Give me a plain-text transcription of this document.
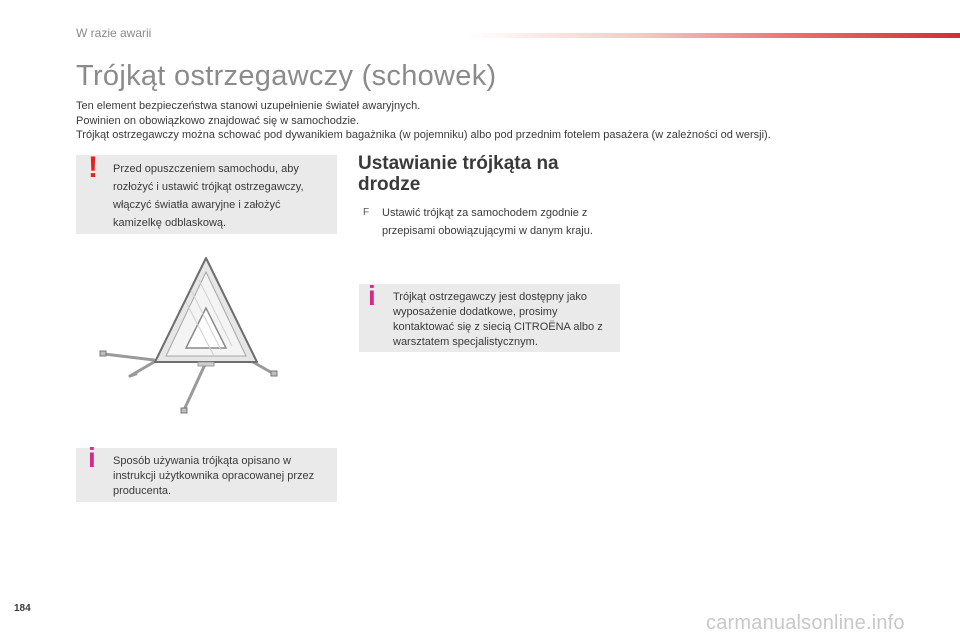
W razie awarii
Trójkąt ostrzegawczy (schowek)

Ten element bezpieczeństwa stanowi uzupełnienie świateł awaryjnych.

Powinien on obowiązkowo znajdować się w samochodzie.

Trójkąt ostrzegawczy można schować pod dywanikiem bagażnika (w pojemniku) albo pod przednim fotelem pasażera (w zależności od wersji).

! Przed opuszczeniem samochodu, aby rozłożyć i ustawić trójkąt ostrzegawczy, włączyć światła awaryjne i założyć kamizelkę odblaskową.
i Sposób używania trójkąta opisano w instrukcji użytkownika opracowanej przez producenta.
Ustawianie trójkąta na drodze
F Ustawić trójkąt za samochodem zgodnie z przepisami obowiązującymi w danym kraju.
i Trójkąt ostrzegawczy jest dostępny jako wyposażenie dodatkowe, prosimy kontaktować się z siecią CITROËNA albo z warsztatem specjalistycznym.
184
carmanualsonline.info
